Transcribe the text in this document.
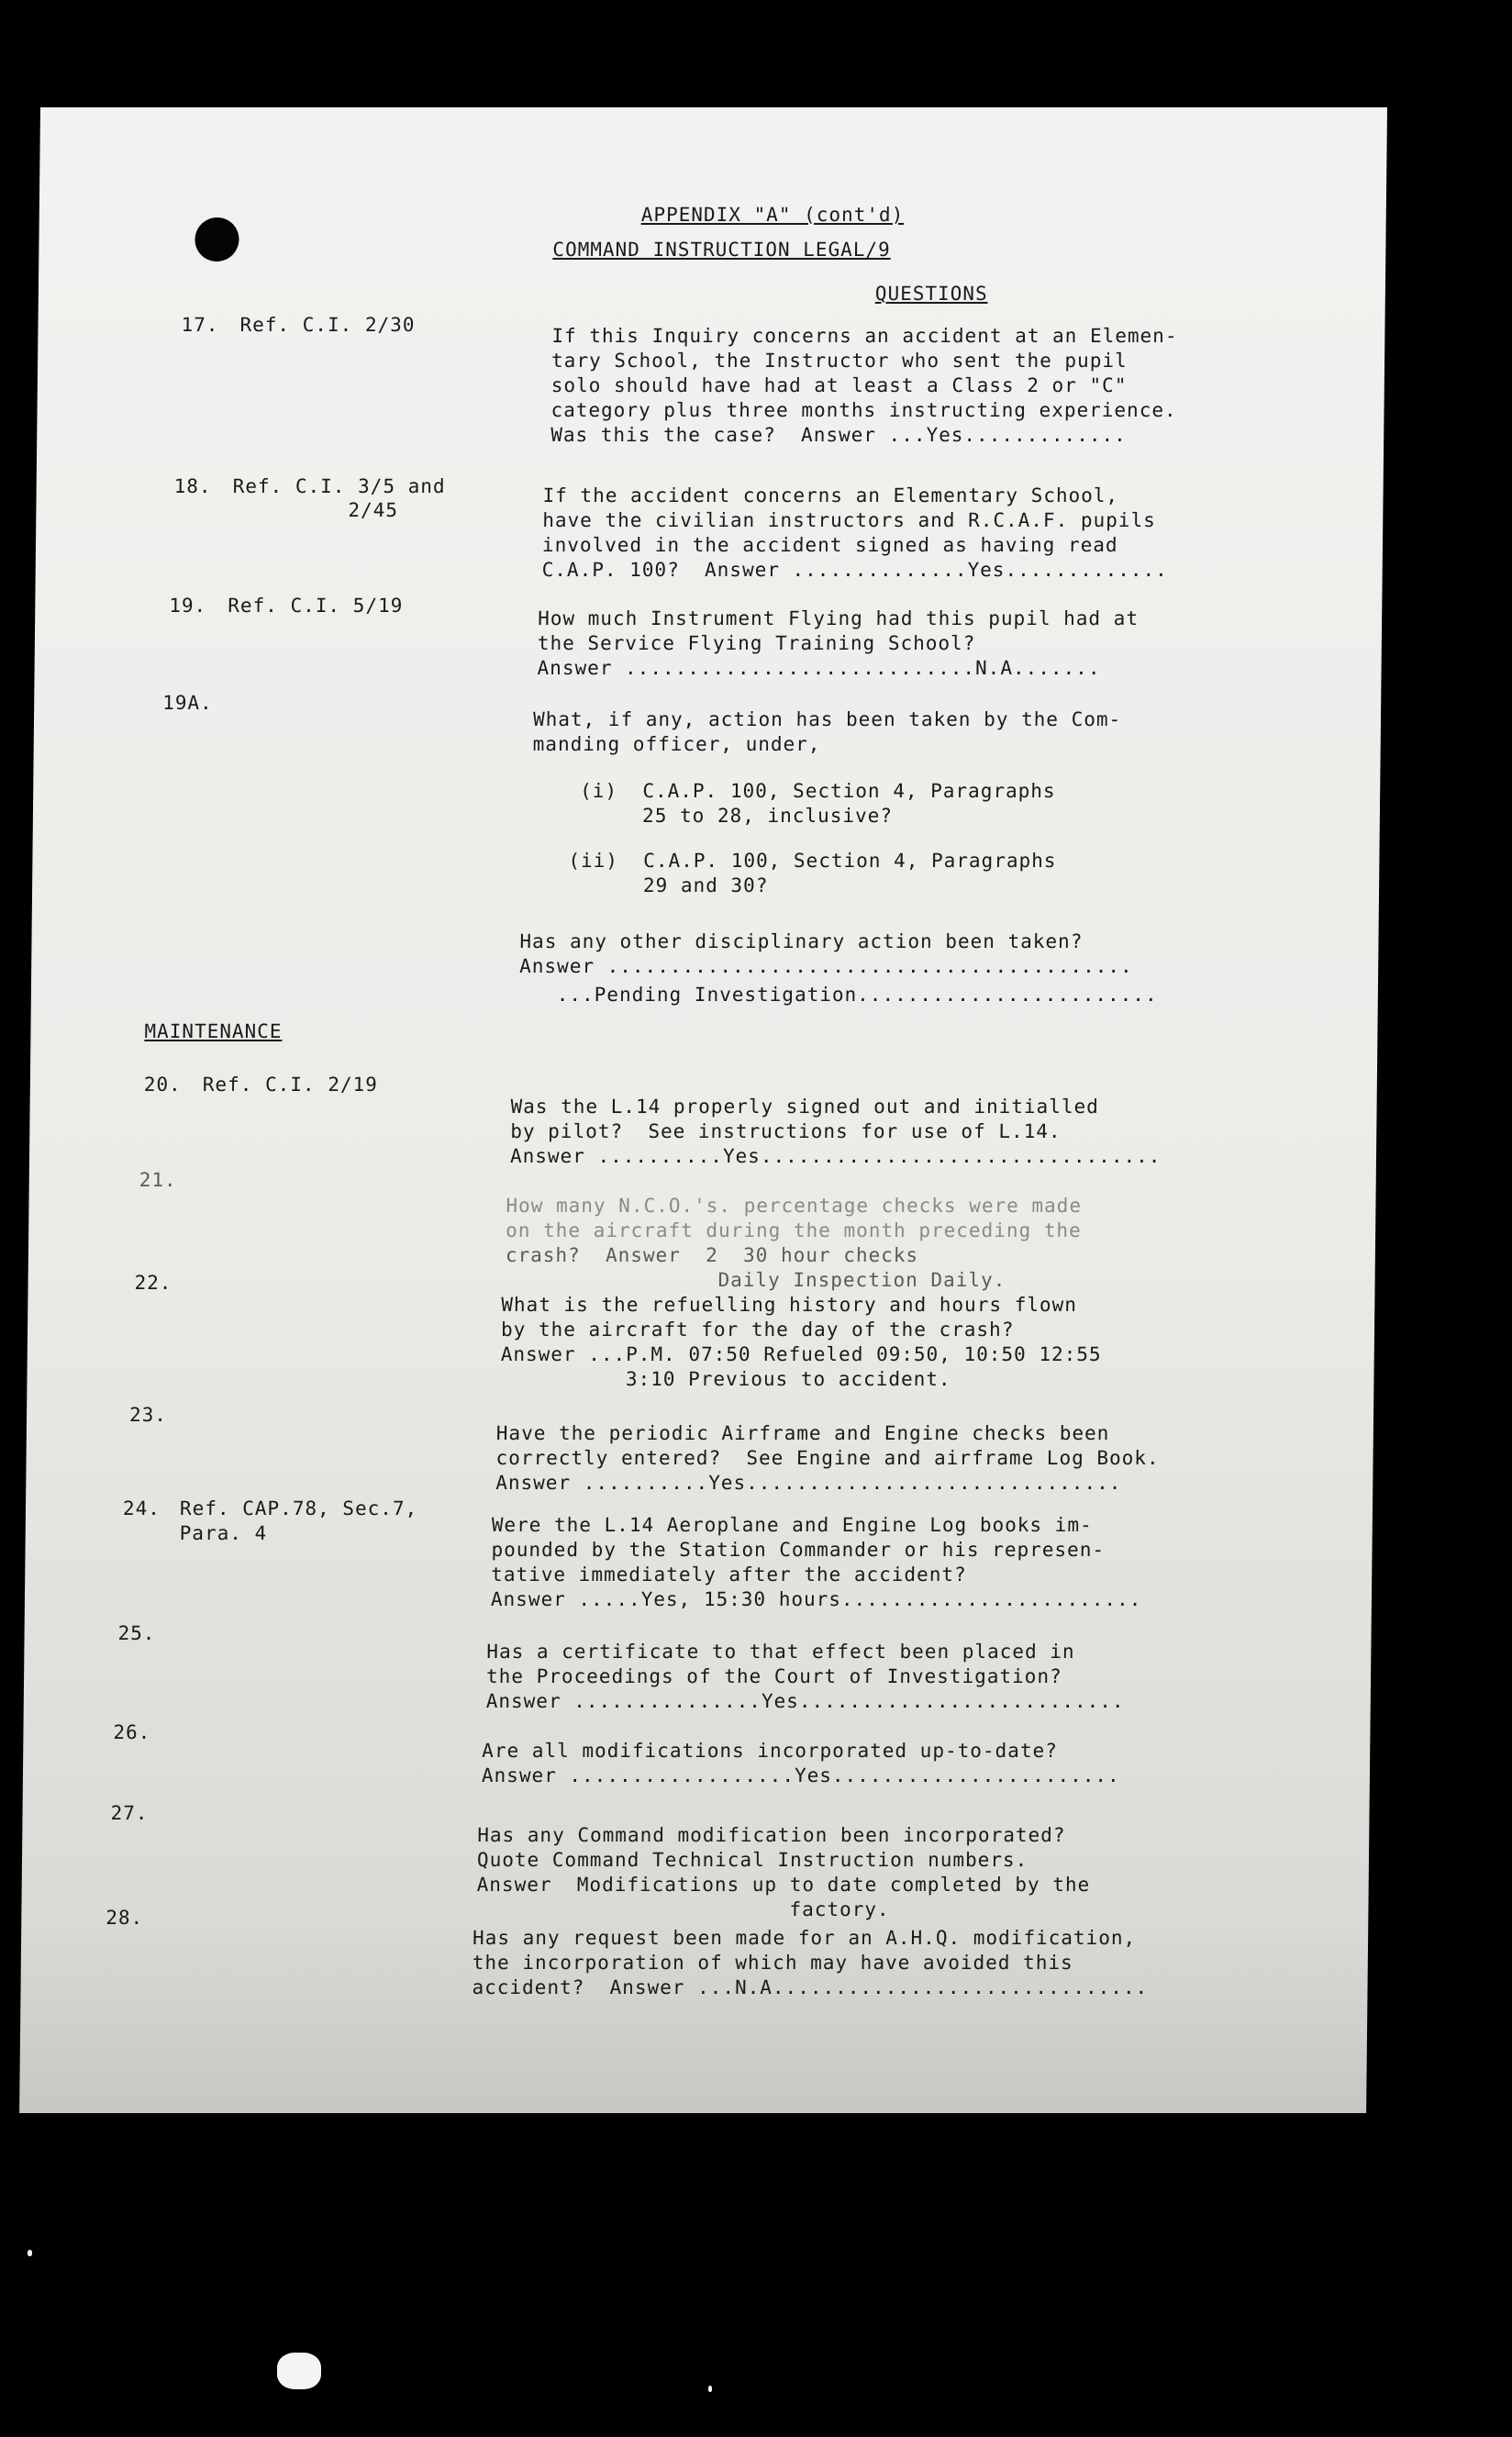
APPENDIX "A" (cont'd)
COMMAND INSTRUCTION LEGAL/9
QUESTIONS
17. Ref. C.I. 2/30	If this Inquiry concerns an accident at an Elemen-
tary School, the Instructor who sent the pupil
solo should have had at least a Class 2 or "C"
category plus three months instructing experience.
Was this the case?  Answer ...Yes.............
18. Ref. C.I. 3/5 and
2/45
If the accident concerns an Elementary School,
have the civilian instructors and R.C.A.F. pupils
involved in the accident signed as having read
C.A.P. 100?  Answer ..............Yes.............
19. Ref. C.I. 5/19
How much Instrument Flying had this pupil had at
the Service Flying Training School?
Answer ............................N.A.......
19A.
What, if any, action has been taken by the Com-
manding officer, under,
(i)  C.A.P. 100, Section 4, Paragraphs
25 to 28, inclusive?
(ii)  C.A.P. 100, Section 4, Paragraphs
29 and 30?
Has any other disciplinary action been taken?
Answer ..........................................
...Pending Investigation........................
MAINTENANCE
20. Ref. C.I. 2/19
Was the L.14 properly signed out and initialled
by pilot?  See instructions for use of L.14.
Answer ..........Yes................................
21.
How many N.C.O.'s. percentage checks were made
on the aircraft during the month preceding the
crash?  Answer  2  30 hour checks
Daily Inspection Daily.
22.
What is the refuelling history and hours flown
by the aircraft for the day of the crash?
Answer ...P.M. 07:50 Refueled 09:50, 10:50 12:55
3:10 Previous to accident.
23.
Have the periodic Airframe and Engine checks been
correctly entered?  See Engine and airframe Log Book.
Answer ..........Yes..............................
24. Ref. CAP.78, Sec.7,
Para. 4	Were the L.14 Aeroplane and Engine Log books im-
pounded by the Station Commander or his represen-
tative immediately after the accident?
Answer .....Yes, 15:30 hours........................
25.
Has a certificate to that effect been placed in
the Proceedings of the Court of Investigation?
Answer ...............Yes..........................
26.
Are all modifications incorporated up-to-date?
Answer ..................Yes.......................
27.
Has any Command modification been incorporated?
Quote Command Technical Instruction numbers.
Answer  Modifications up to date completed by the
factory.
28.
Has any request been made for an A.H.Q. modification,
the incorporation of which may have avoided this
accident?  Answer ...N.A..............................
